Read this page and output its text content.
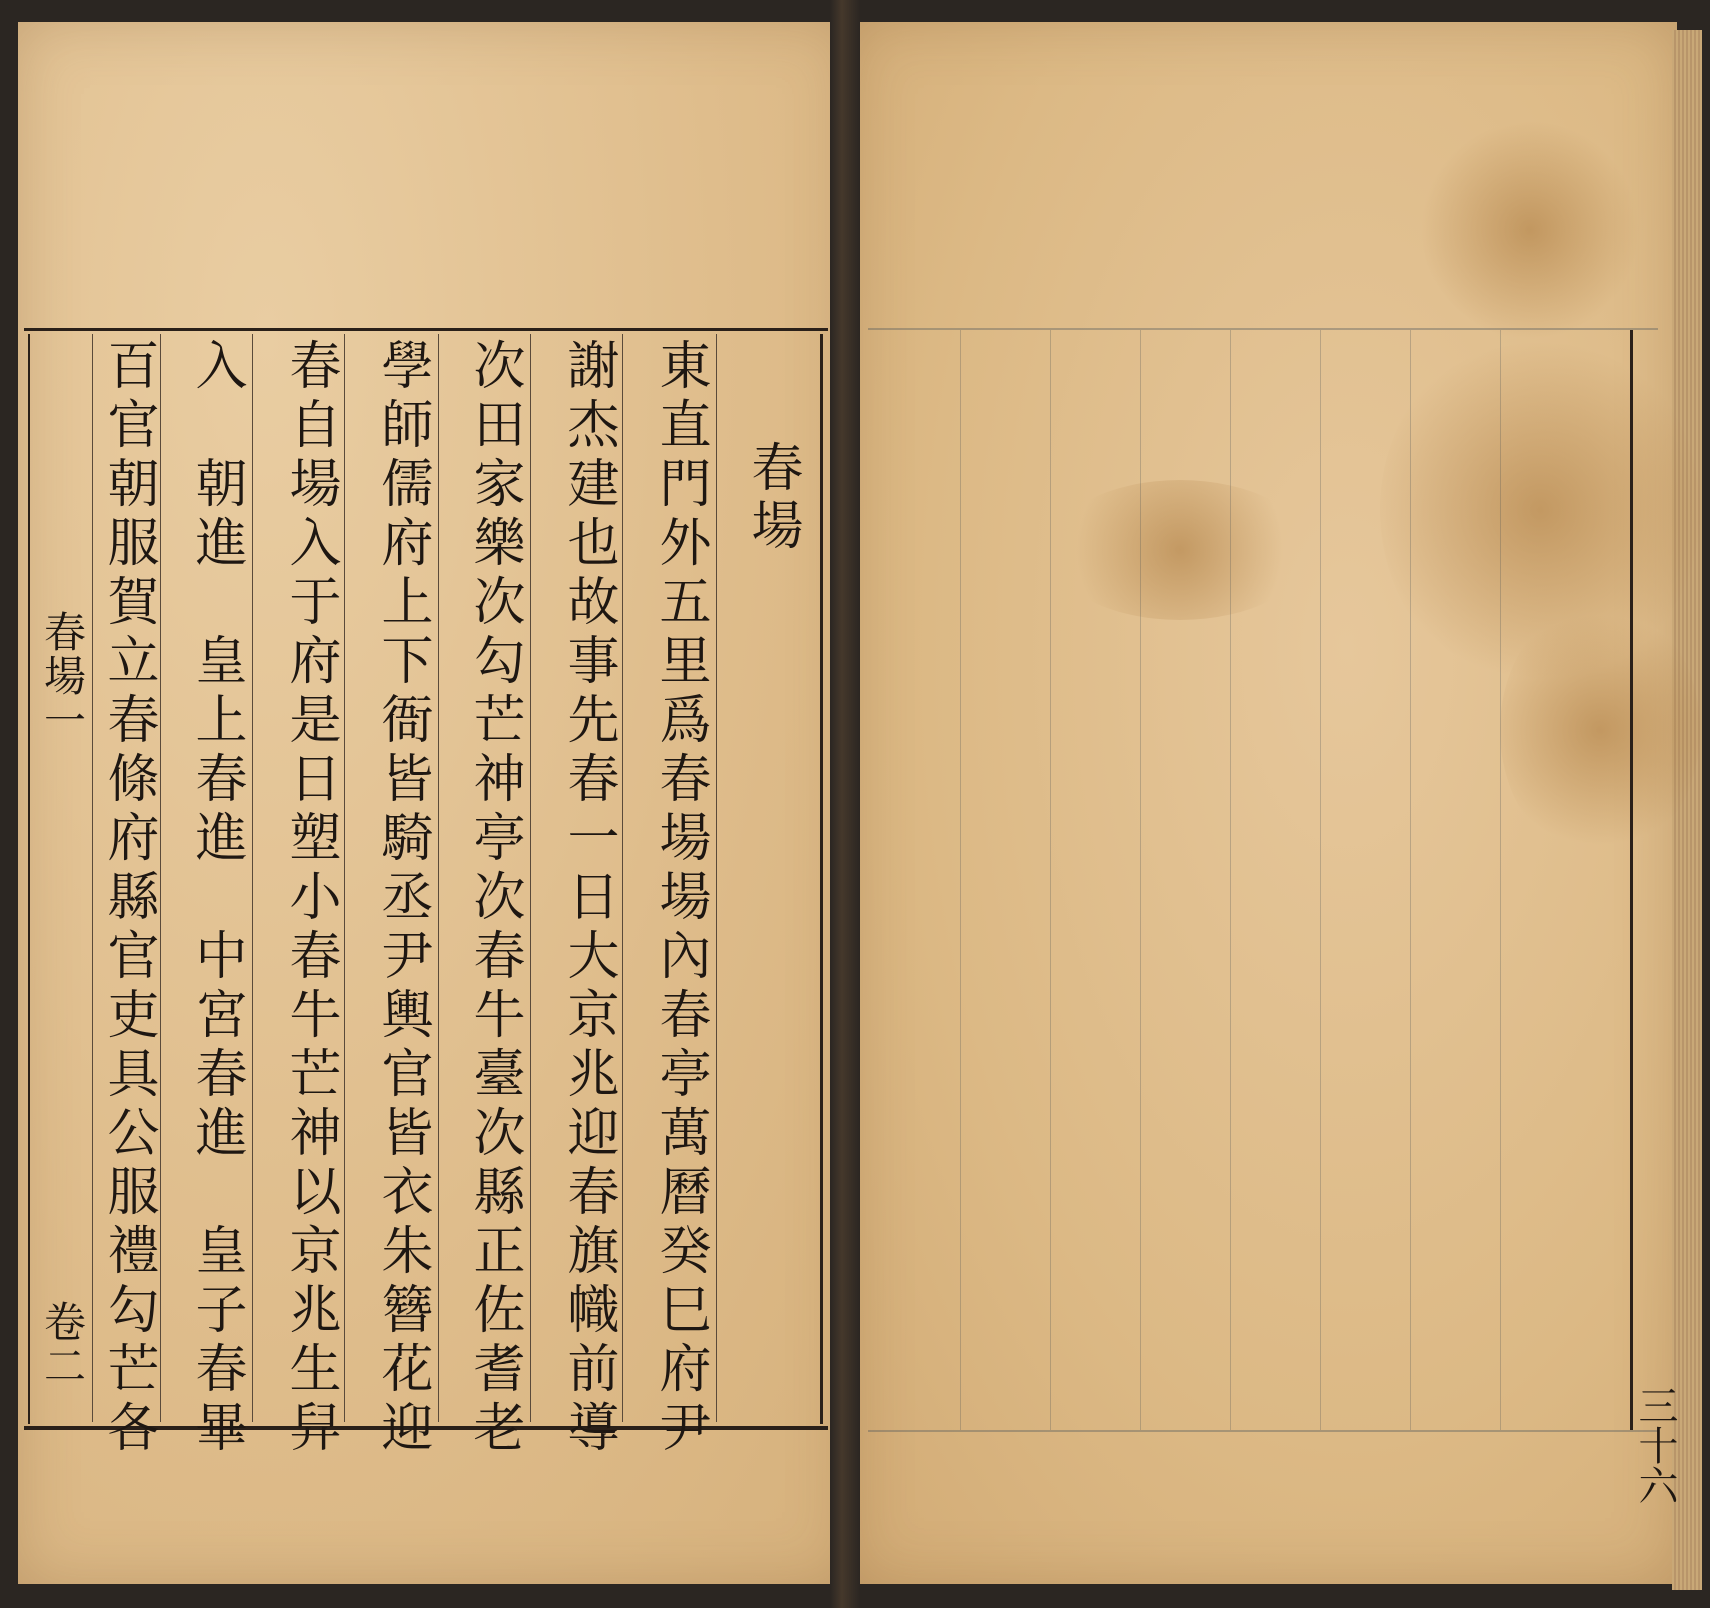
春場
東直門外五里爲春場場內春亭萬曆癸巳府尹
謝杰建也故事先春一日大京兆迎春旗幟前導
次田家樂次勾芒神亭次春牛臺次縣正佐耆老
學師儒府上下衙皆騎丞尹輿官皆衣朱簪花迎
春自場入于府是日塑小春牛芒神以京兆生舁
入　朝進　皇上春進　中宮春進　皇子春畢
百官朝服賀立春條府縣官吏具公服禮勾芒各
春場一
卷二
三十六
